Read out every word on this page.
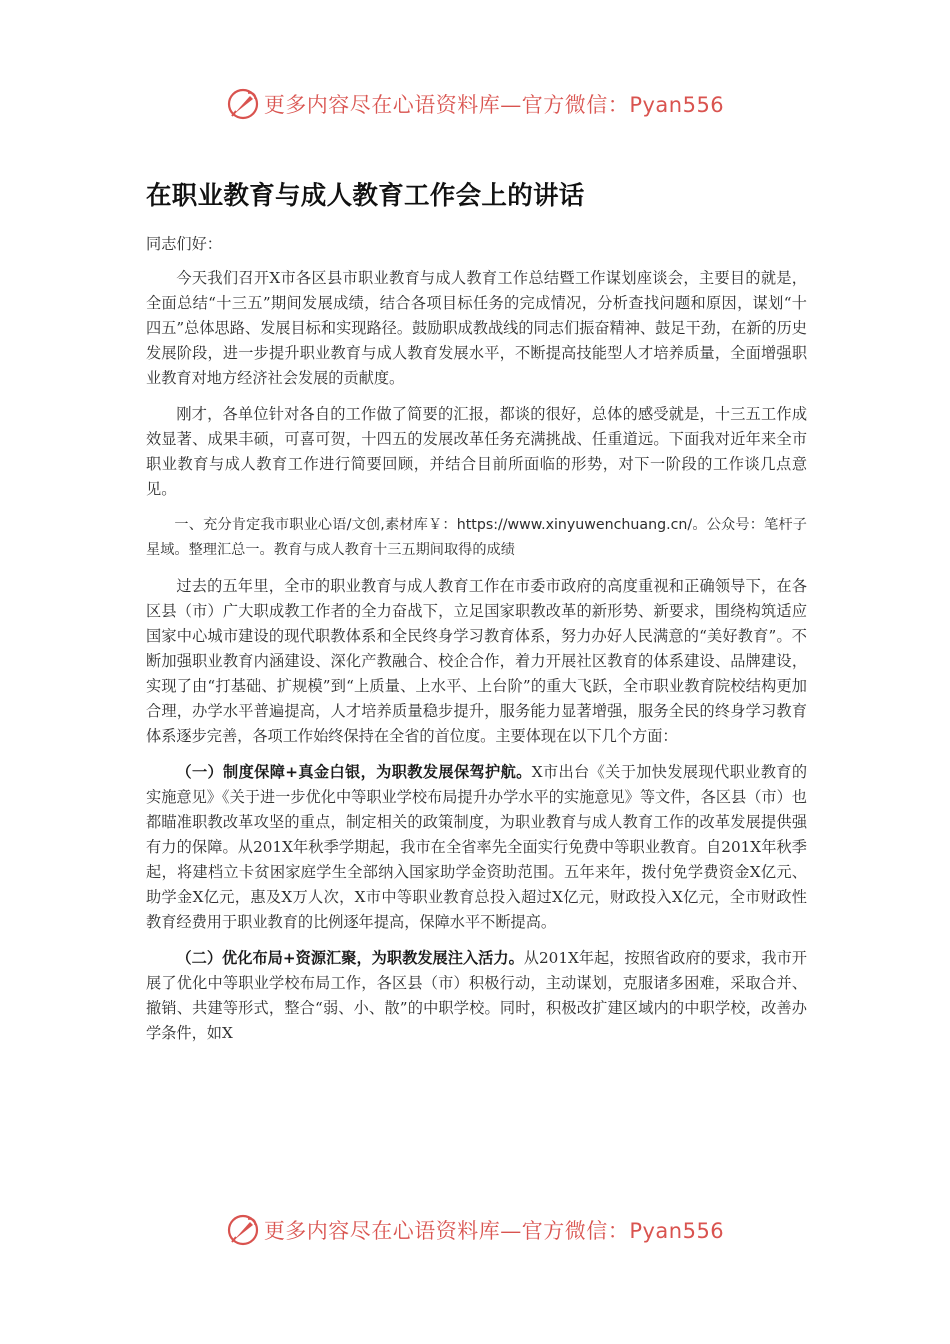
更多内容尽在心语资料库—官方微信：Pyan556
在职业教育与成人教育工作会上的讲话

同志们好：

今天我们召开X市各区县市职业教育与成人教育工作总结暨工作谋划座谈会，主要目的就是，全面总结“十三五”期间发展成绩，结合各项目标任务的完成情况，分析查找问题和原因，谋划“十四五”总体思路、发展目标和实现路径。鼓励职成教战线的同志们振奋精神、鼓足干劲，在新的历史发展阶段，进一步提升职业教育与成人教育发展水平，不断提高技能型人才培养质量，全面增强职业教育对地方经济社会发展的贡献度。

刚才，各单位针对各自的工作做了简要的汇报，都谈的很好，总体的感受就是，十三五工作成效显著、成果丰硕，可喜可贺，十四五的发展改革任务充满挑战、任重道远。下面我对近年来全市职业教育与成人教育工作进行简要回顾，并结合目前所面临的形势，对下一阶段的工作谈几点意见。

一、充分肯定我市职业心语/文创,素材库￥：https://www.xinyuwenchuang.cn/。公众号：笔杆子星域。整理汇总一。教育与成人教育十三五期间取得的成绩

过去的五年里，全市的职业教育与成人教育工作在市委市政府的高度重视和正确领导下，在各区县（市）广大职成教工作者的全力奋战下，立足国家职教改革的新形势、新要求，围绕构筑适应国家中心城市建设的现代职教体系和全民终身学习教育体系，努力办好人民满意的“美好教育”。不断加强职业教育内涵建设、深化产教融合、校企合作，着力开展社区教育的体系建设、品牌建设，实现了由“打基础、扩规模”到“上质量、上水平、上台阶”的重大飞跃，全市职业教育院校结构更加合理，办学水平普遍提高，人才培养质量稳步提升，服务能力显著增强，服务全民的终身学习教育体系逐步完善，各项工作始终保持在全省的首位度。主要体现在以下几个方面：

（一）制度保障+真金白银，为职教发展保驾护航。X市出台《关于加快发展现代职业教育的实施意见》《关于进一步优化中等职业学校布局提升办学水平的实施意见》等文件，各区县（市）也都瞄准职教改革攻坚的重点，制定相关的政策制度，为职业教育与成人教育工作的改革发展提供强有力的保障。从201X年秋季学期起，我市在全省率先全面实行免费中等职业教育。自201X年秋季起，将建档立卡贫困家庭学生全部纳入国家助学金资助范围。五年来年，拨付免学费资金X亿元、助学金X亿元，惠及X万人次，X市中等职业教育总投入超过X亿元，财政投入X亿元，全市财政性教育经费用于职业教育的比例逐年提高，保障水平不断提高。

（二）优化布局+资源汇聚，为职教发展注入活力。从201X年起，按照省政府的要求，我市开展了优化中等职业学校布局工作，各区县（市）积极行动，主动谋划，克服诸多困难，采取合并、撤销、共建等形式，整合“弱、小、散”的中职学校。同时，积极改扩建区域内的中职学校，改善办学条件，如X

更多内容尽在心语资料库—官方微信：Pyan556
